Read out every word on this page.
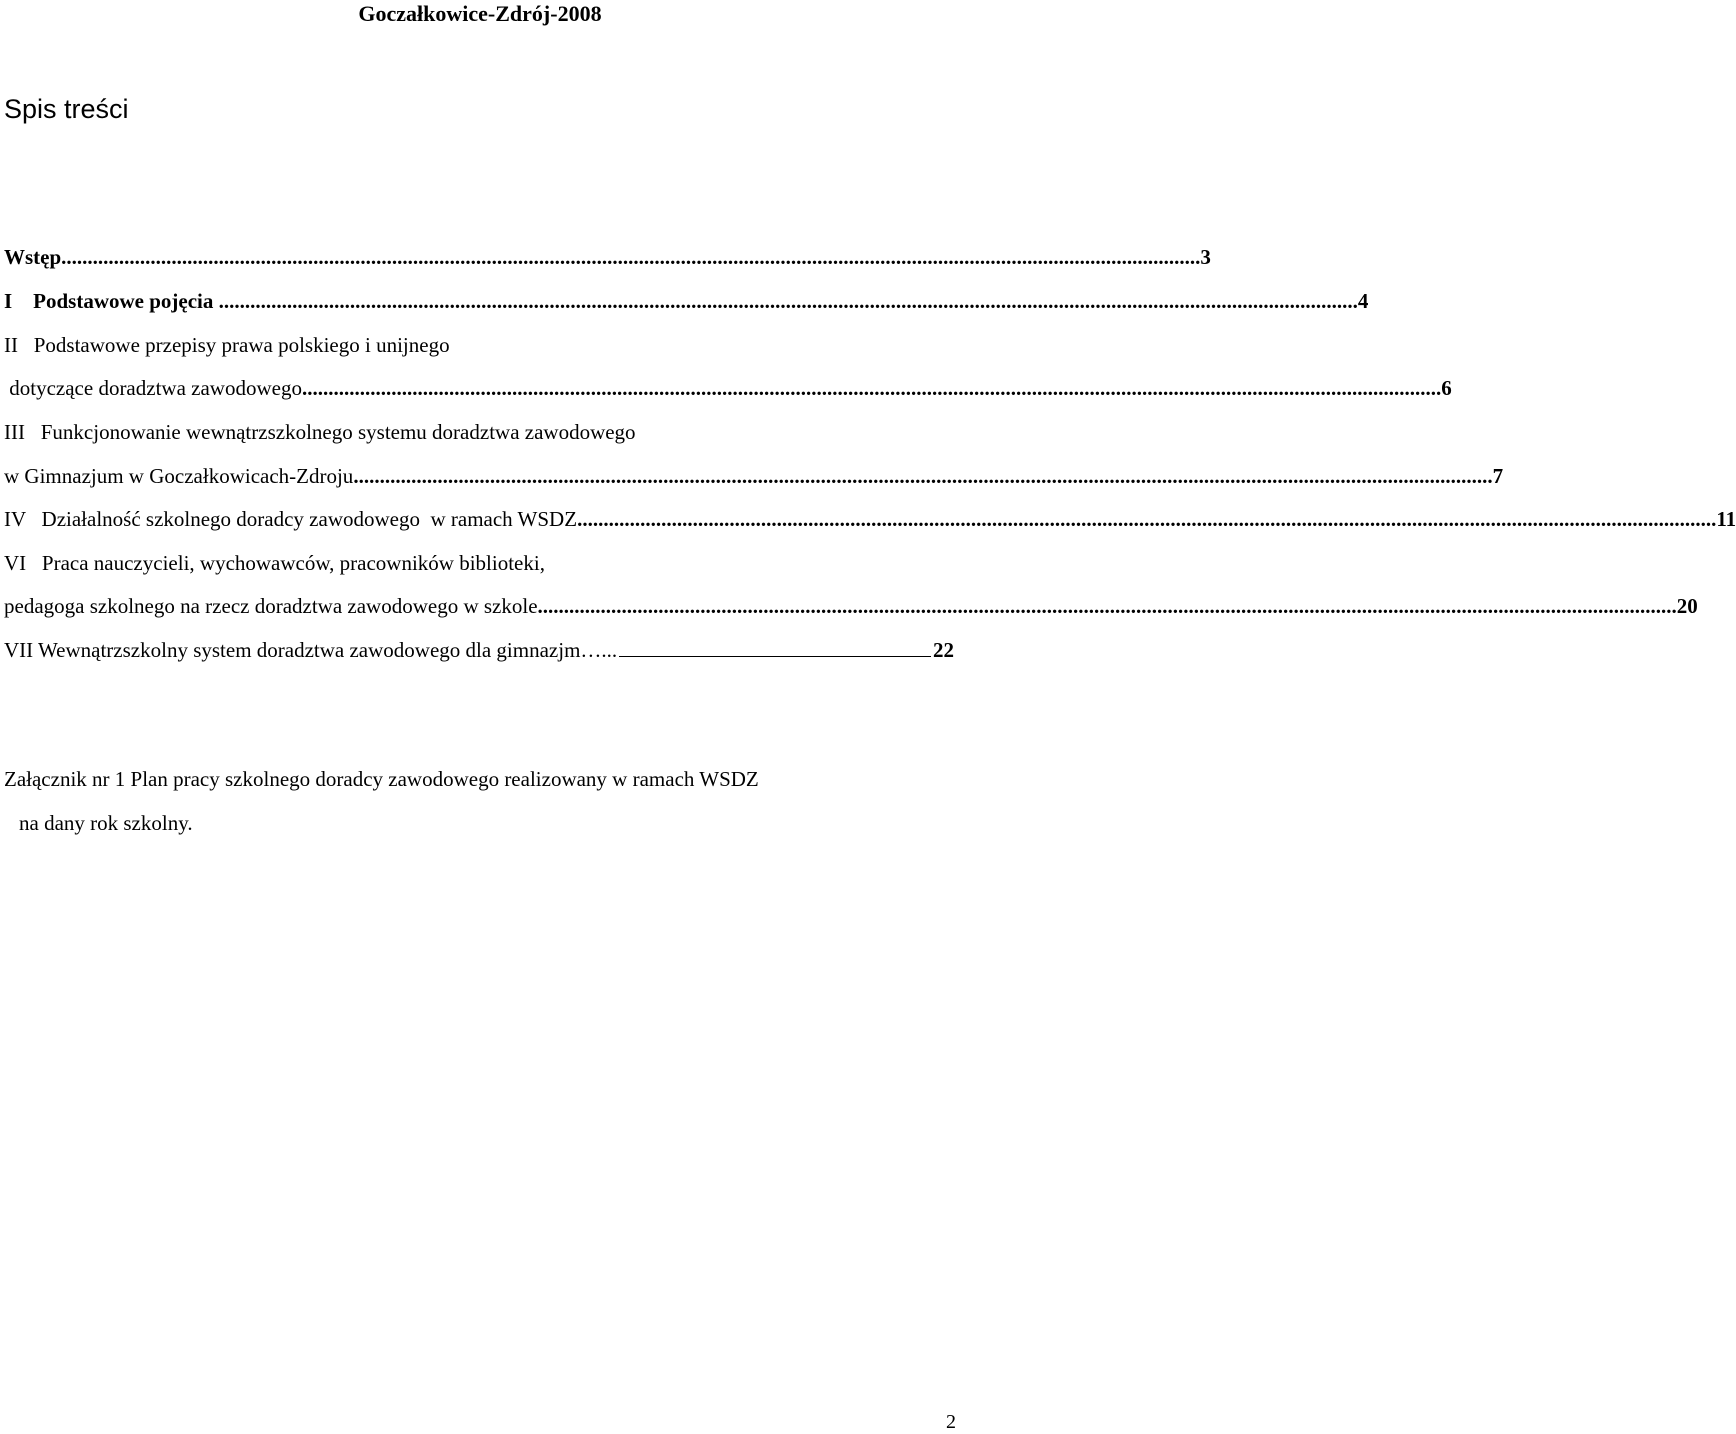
Goczałkowice-Zdrój-2008
Spis treści
Wstęp ......................................................................................................................................................................................................................... 3
I    Podstawowe pojęcia ......................................................................................................................................................................................................................... 4
II   Podstawowe przepisy prawa polskiego i unijnego
dotyczące doradztwa zawodowego ......................................................................................................................................................................................................................... 6
III   Funkcjonowanie wewnątrzszkolnego systemu doradztwa zawodowego
w Gimnazjum w Goczałkowicach-Zdroju ......................................................................................................................................................................................................................... 7
IV   Działalność szkolnego doradcy zawodowego  w ramach WSDZ ......................................................................................................................................................................................................................... 11
VI   Praca nauczycieli, wychowawców, pracowników biblioteki,
pedagoga szkolnego na rzecz doradztwa zawodowego w szkole ......................................................................................................................................................................................................................... 20
VII Wewnątrzszkolny system doradztwa zawodowego dla gimnazjm …...	22
Załącznik nr 1 Plan pracy szkolnego doradcy zawodowego realizowany w ramach WSDZ
na dany rok szkolny.
2
